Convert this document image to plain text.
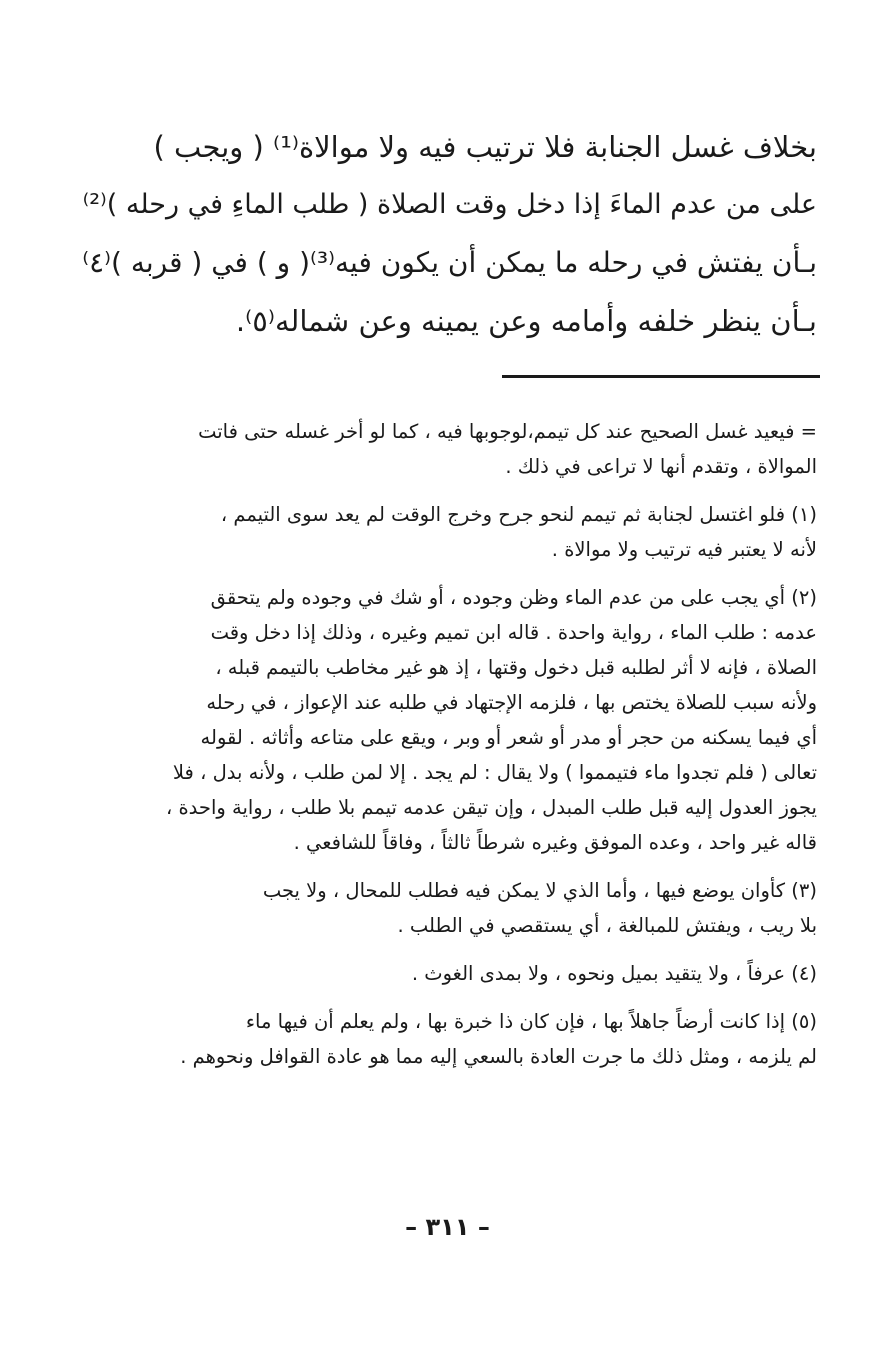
بخلاف غسل الجنابة فلا ترتيب فيه ولا موالاة⁽¹⁾ ( ويجب )
على من عدم الماءَ إذا دخل وقت الصلاة ( طلب الماءِ في رحله )⁽²⁾
بـأن يفتش في رحله ما يمكن أن يكون فيه⁽³⁾( و ) في ( قربه )⁽٤⁾
بـأن ينظر خلفه وأمامه وعن يمينه وعن شماله⁽٥⁾.
= فيعيد غسل الصحيح عند كل تيمم،لوجوبها فيه ، كما لو أخر غسله حتى فاتت
الموالاة ، وتقدم أنها لا تراعى في ذلك .
(١) فلو اغتسل لجنابة ثم تيمم لنحو جرح وخرج الوقت لم يعد سوى التيمم ،
لأنه لا يعتبر فيه ترتيب ولا موالاة .
(٢) أي يجب على من عدم الماء وظن وجوده ، أو شك في وجوده ولم يتحقق
عدمه : طلب الماء ، رواية واحدة . قاله ابن تميم وغيره ، وذلك إذا دخل وقت
الصلاة ، فإنه لا أثر لطلبه قبل دخول وقتها ، إذ هو غير مخاطب بالتيمم قبله ،
ولأنه سبب للصلاة يختص بها ، فلزمه الإجتهاد في طلبه عند الإعواز ، في رحله
أي فيما يسكنه من حجر أو مدر أو شعر أو وبر ، ويقع على متاعه وأثاثه . لقوله
تعالى ( فلم تجدوا ماء فتيمموا ) ولا يقال : لم يجد . إلا لمن طلب ، ولأنه بدل ، فلا
يجوز العدول إليه قبل طلب المبدل ، وإن تيقن عدمه تيمم بلا طلب ، رواية واحدة ،
قاله غير واحد ، وعده الموفق وغيره شرطاً ثالثاً ، وفاقاً للشافعي .
(٣) كأوان يوضع فيها ، وأما الذي لا يمكن فيه فطلب للمحال ، ولا يجب
بلا ريب ، ويفتش للمبالغة ، أي يستقصي في الطلب .
(٤) عرفاً ، ولا يتقيد بميل ونحوه ، ولا بمدى الغوث .
(٥) إذا كانت أرضاً جاهلاً بها ، فإن كان ذا خبرة بها ، ولم يعلم أن فيها ماء
لم يلزمه ، ومثل ذلك ما جرت العادة بالسعي إليه مما هو عادة القوافل ونحوهم .
– ٣١١ –
